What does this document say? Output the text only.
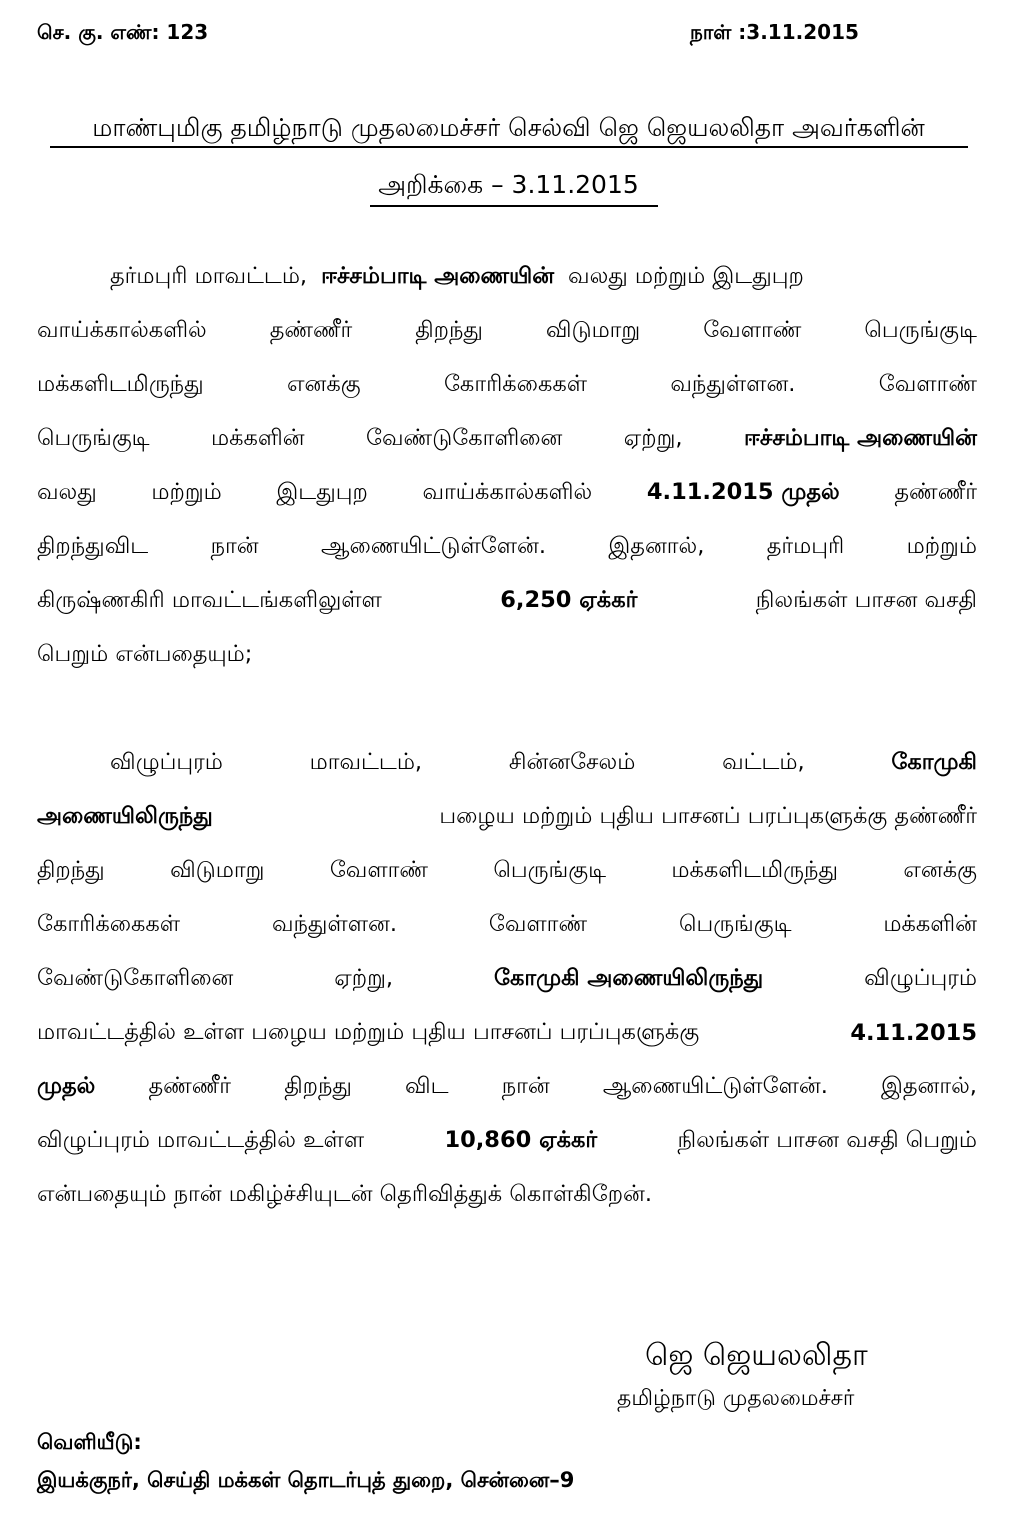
செ. கு. எண்: 123	நாள் :3.11.2015
மாண்புமிகு தமிழ்நாடு முதலமைச்சர் செல்வி ஜெ ஜெயலலிதா அவர்களின்
அறிக்கை – 3.11.2015
தர்மபுரி மாவட்டம், ஈச்சம்பாடி அணையின் வலது மற்றும் இடதுபுற
வாய்க்கால்களில்	தண்ணீர்	திறந்து	விடுமாறு	வேளாண்	பெருங்குடி
மக்களிடமிருந்து	எனக்கு	கோரிக்கைகள்	வந்துள்ளன.	வேளாண்
பெருங்குடி	மக்களின்	வேண்டுகோளினை	ஏற்று,	ஈச்சம்பாடி அணையின்
வலது மற்றும் இடதுபுற வாய்க்கால்களில் 4.11.2015 முதல் தண்ணீர்
திறந்துவிட	நான்	ஆணையிட்டுள்ளேன்.	இதனால்,	தர்மபுரி	மற்றும்
கிருஷ்ணகிரி மாவட்டங்களிலுள்ள	6,250 ஏக்கர்	நிலங்கள் பாசன வசதி
பெறும் என்பதையும்;
விழுப்புரம்	மாவட்டம்,	சின்னசேலம்	வட்டம்,	கோமுகி
அணையிலிருந்து	பழைய மற்றும் புதிய பாசனப் பரப்புகளுக்கு தண்ணீர்
திறந்து	விடுமாறு	வேளாண்	பெருங்குடி	மக்களிடமிருந்து	எனக்கு
கோரிக்கைகள்	வந்துள்ளன.	வேளாண்	பெருங்குடி	மக்களின்
வேண்டுகோளினை	ஏற்று,	கோமுகி அணையிலிருந்து	விழுப்புரம்
மாவட்டத்தில் உள்ள பழைய மற்றும் புதிய பாசனப் பரப்புகளுக்கு	4.11.2015
முதல் தண்ணீர் திறந்து விட நான் ஆணையிட்டுள்ளேன். இதனால்,
விழுப்புரம் மாவட்டத்தில் உள்ள	10,860 ஏக்கர்	நிலங்கள் பாசன வசதி பெறும்
என்பதையும் நான் மகிழ்ச்சியுடன் தெரிவித்துக் கொள்கிறேன்.
ஜெ ஜெயலலிதா
தமிழ்நாடு முதலமைச்சர்
வெளியீடு:
இயக்குநர், செய்தி மக்கள் தொடர்புத் துறை, சென்னை–9
